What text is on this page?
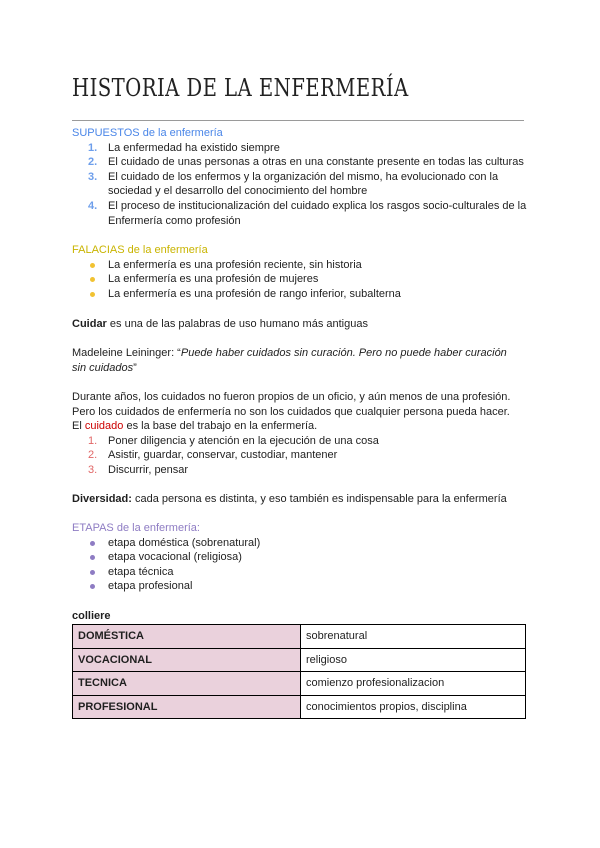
HISTORIA DE LA ENFERMERÍA
SUPUESTOS de la enfermería
1. La enfermedad ha existido siempre
2. El cuidado de unas personas a otras en una constante presente en todas las culturas
3. El cuidado de los enfermos y la organización del mismo, ha evolucionado con la sociedad y el desarrollo del conocimiento del hombre
4. El proceso de institucionalización del cuidado explica los rasgos socio-culturales de la Enfermería como profesión
FALACIAS de la enfermería
La enfermería es una profesión reciente, sin historia
La enfermería es una profesión de mujeres
La enfermería es una profesión de rango inferior, subalterna
Cuidar es una de las palabras de uso humano más antiguas
Madeleine Leininger: “Puede haber cuidados sin curación. Pero no puede haber curación sin cuidados”
Durante años, los cuidados no fueron propios de un oficio, y aún menos de una profesión.
Pero los cuidados de enfermería no son los cuidados que cualquier persona pueda hacer.
El cuidado es la base del trabajo en la enfermería.
1. Poner diligencia y atención en la ejecución de una cosa
2. Asistir, guardar, conservar, custodiar, mantener
3. Discurrir, pensar
Diversidad: cada persona es distinta, y eso también es indispensable para la enfermería
ETAPAS de la enfermería:
etapa doméstica (sobrenatural)
etapa vocacional (religiosa)
etapa técnica
etapa profesional
colliere
DOMÉSTICA	sobrenatural
VOCACIONAL	religioso
TECNICA	comienzo profesionalizacion
PROFESIONAL	conocimientos propios, disciplina
